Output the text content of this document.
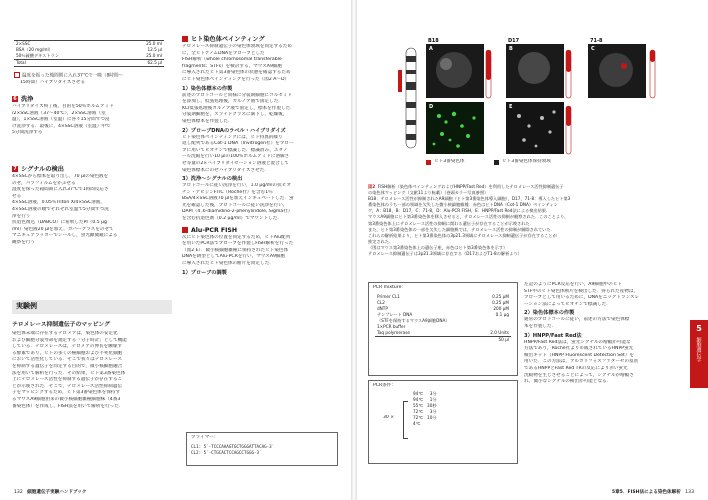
2×SSC	25.0 ml
BSA（20 mg/ml）	12.5 μl
50％硫酸デキストラン	25.0 ml
Total	62.5 μl
温度を振った後間期に入れ37℃で一晩（8時間〜
15時間）ハイブリダイズさせる
6 洗浄
ハイブリダイズ終了後，目的を50％ホルムアミド
/2×SSC溶液（37〜40℃），2×SSC溶液（室
温），1×SSC溶液（室温）に各々15分間ずつ浸
け洗浄する．最後に，4×SSC溶液（室温）中で
5分間洗浄する
7 シグナルの検出
4×SSCから標本を取り出し，70 μlの染色液を
のせ，パラフィルムをかぶせる
湿度を保った箱間期に入れ37℃で1時間反応さ
せる
4×SSC溶液，0.05％Triton X/4×SSC溶液，
4×SSC溶液の順でそれぞれ室温で5分間ずつ洗
浄を行う
抗退色剤込（DABCO）に希釈したPI（0.5 μg
/ml）染色液20 μlを加え，カバーグラスをのせて
マニキュアラッカーでシールし，蛍光顕微鏡による
観察を行う
実験例
テロメレース抑制遺伝子のマッピング
染色体末端に存在するテロメアは，染色体の安定化
および細胞分裂寿命を規定する「分子時計」として機能
している．テロメレースは，テロメアの伸長を触媒す
る酵素であり，ヒトの多くの癌細胞および不死化細胞
において活性化している．そこで我々はテロメレース
を抑制する遺伝子を同定する目的で，微小核細胞融合
法を用いて解析を行った．その結果，ヒト第3番染色体
上にテロメレース活性を抑制する遺伝子が存在するこ
とが示唆された．そこで，テロメレース活性抑制遺伝
子をマッピングするため，ヒト第3番染色体を保持す
るマウスA9細胞由来の微小核細胞雑種細胞株（4番3
番染色体）を作成し，FISH法を用いて解析を行った．
ヒト染色体ペインティング
テロメレース抑制遺伝子の染色体領域を同定するため
に，全ヒトゲノムDNAをプローブとした
FISH解析（whole chromosomal transferable
fragments：STFs）を検討する，マウスA9細胞
に導入されたヒト第3番染色体の状態を確認するため
にヒト染色体ペインティングを行った（図2 A〜D）
1）染色体標本の作製
前述のプロトコールと同様に分裂期細胞にコルセミド
を添加し，低張処理後，カルノア液で固定した．
KCl低張処理後カルノア液で固定し，標本を作製した．
分裂期細胞を，スライドグラスに滴下し，乾燥後，
染色体標本を作製した．
2）プローブDNAのラベル・ハイブリダイズ
ヒト染色体ペインティングには，ヒト特異的繰り
返し配列であるCot-1 DNA（Invitrogen社）をプロー
ブに用いてビオチンで標識した．標識済み，エタノ
ール沈殿を行い10 μlの100％ホルムアミドに溶解さ
せ等量の2×ハイブリダイゼーション溶液と混合して
染色体標本にのせハイブリダイズさせた．
3）洗浄〜シグナルの検出
プロトコールに従い洗浄を行い，1.0 μg/mlの抗ビオ
チン・アビジンFITC（Roche社）を含む1％
BSA/4×SSC溶液70 μlを加えインキュベートした．蛍
光を確認した後，プロトコールに従い洗浄を行い，
DAPI（4′,6-diamidino-2-phenylindole, Sigma社）
を含む抗退色剤（0.2 μg/ml）でマウントした．
Alu-PCR FISH
次にヒト染色体の位置を同定するため，ヒトAlu配列
を用いたPCR法でプローブを作製しFISH解析を行った
（図2 E）．微小核細胞雑種に保持されたヒト染色体
DNAを鋳型としてAlu-PCRを行い，マウスA9細胞
に導入されたヒト染色体の断片を同定した．
1）プローブの調製
プライマー：
CL1: 5′-TCCCAAAGTGCTGGGATTACAG-3′
CL2: 5′-CTGCACTCCAGCCTGGG-3′
132 細胞遺伝子実験ハンドブック
B18	D17	71-8
A	B	C
D	E
ヒト3番染色体	ヒト3番染色体保持領域
図2 FISH解析（染色体ペインティングおよびHNPP/Fast Red）を利用したテロメレース活性抑制遺伝子
の染色体マッピング（文献11より転載）（巻頭カラー写真参照）
B18：テロメレース活性が抑制されたA9細胞（ヒト第3番染色体導入細胞），D17，71-8：導入したヒト第3
番染色体のうち一部の領域を欠失した微小核細胞雑種．赤色はヒトDNA（Cot-1 DNA）ペインティン
グ，A：B18，B：D17，C：71-8，D：Alu-PCR FISH，E：HNPP/Fast Red法による検出結果．
マウスA9細胞にヒト第3番染色体を移入させると，テロメレース活性の抑制が観察された．このことより，
第3番染色体上にテロメレース活性の抑制に関わる遺伝子が存在することが示唆された．
また，ヒト第3番染色体の一部を欠失した細胞株では，テロメレース活性の抑制が解除されていた．
これらの解析結果より，ヒト第3番染色体の3p21.3領域にテロメレース抑制遺伝子が存在することが
推定された．
（図はマウス第3番染色体上の遺伝子座，赤色はヒト第3番染色体を示す）
テロメレース抑制遺伝子は3p21.3領域に存在する（D17およびT1-8の解析より）
PCR mixture：
Primer CL1	0.25 μM
CL2	0.25 μM
dNTP	200 μM
テンプレート DNA	0.1 μg
（STFを保持するマウスA9細胞DNA）	
1×PCR buffer	
Taq polymerase	2.0 Units
	50 μl
PCR条件：
30 ×
94℃	3分
94℃	1分
55℃	30秒
72℃	3分
72℃	10分
4℃	
左記のようにPCR反応を行い，A9細胞中のヒト
STF中のヒト染色体断片を検出した．得られた産物は，
プローブとして用いるために，DNAをニックトランスレ
ーション法によってビオチンで標識した．
2）染色体標本の作製
通常のプロトコールに従い，前述の方法で染色体標
本を作製した．
3）HNPP/Fast Red法
HNPP/Fast Red法は，蛍光シグナルの増幅が可能な
方法であり，Roche社より市販されているHNPP蛍光
検出キット（HNPP Fluorescent Detection Set）を
用いた．この方法は，アルカリフォスファターゼの基質
であるHNPPとFast Red TRの反応により赤い蛍光
沈殿物を生じさせることによって，シグナルが増幅さ
れ，微小なシグナルの検出が可能となる．
5
細胞遺伝学
5章5．FISH法による染色体解析 133
